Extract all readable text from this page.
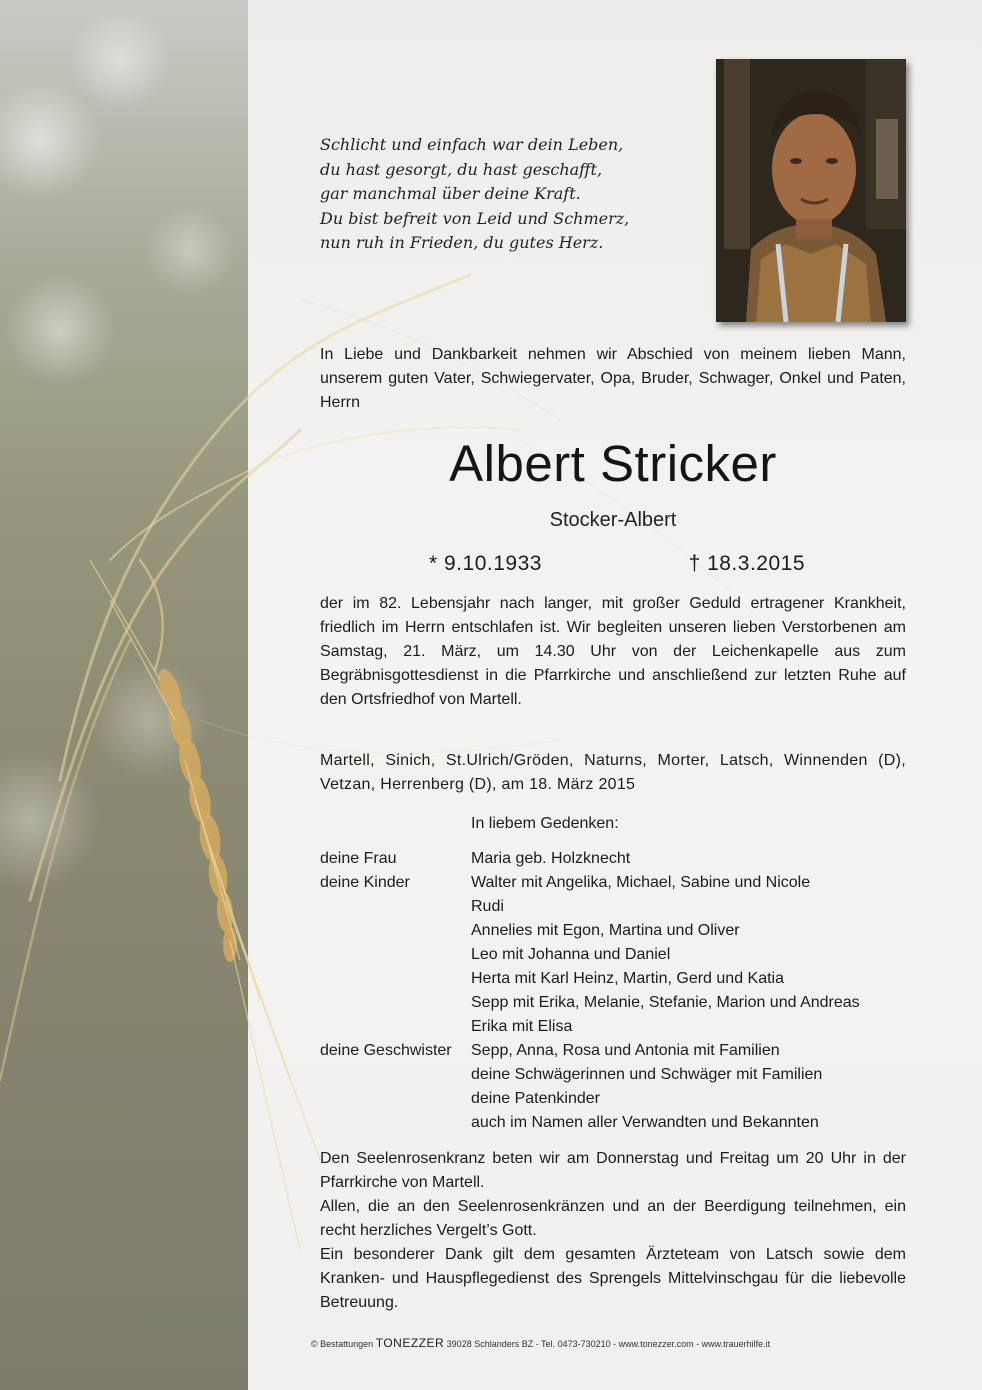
Schlicht und einfach war dein Leben,
du hast gesorgt, du hast geschafft,
gar manchmal über deine Kraft.
Du bist befreit von Leid und Schmerz,
nun ruh in Frieden, du gutes Herz.
In Liebe und Dankbarkeit nehmen wir Abschied von meinem lieben Mann, unserem guten Vater, Schwiegervater, Opa, Bruder, Schwager, Onkel und Paten, Herrn
Albert Stricker
Stocker-Albert
* 9.10.1933	† 18.3.2015
der im 82. Lebensjahr nach langer, mit großer Geduld ertragener Krankheit, friedlich im Herrn entschlafen ist. Wir begleiten unseren lieben Verstorbenen am Samstag, 21. März, um 14.30 Uhr von der Leichenkapelle aus zum Begräbnisgottesdienst in die Pfarrkirche und anschließend zur letzten Ruhe auf den Ortsfriedhof von Martell.
Martell, Sinich, St.Ulrich/Gröden, Naturns, Morter, Latsch, Winnenden (D), Vetzan, Herrenberg (D), am 18. März 2015
In liebem Gedenken:
deine Frau	Maria geb. Holzknecht
deine Kinder	Walter mit Angelika, Michael, Sabine und Nicole
Rudi
Annelies mit Egon, Martina und Oliver
Leo mit Johanna und Daniel
Herta mit Karl Heinz, Martin, Gerd und Katia
Sepp mit Erika, Melanie, Stefanie, Marion und Andreas
Erika mit Elisa
deine Geschwister Sepp, Anna, Rosa und Antonia mit Familien
deine Schwägerinnen und Schwäger mit Familien
deine Patenkinder
auch im Namen aller Verwandten und Bekannten

Den Seelenrosenkranz beten wir am Donnerstag und Freitag um 20 Uhr in der Pfarrkirche von Martell.

Allen, die an den Seelenrosenkränzen und an der Beerdigung teilnehmen, ein recht herzliches Vergelt’s Gott.

Ein besonderer Dank gilt dem gesamten Ärzteteam von Latsch sowie dem Kranken- und Hauspflegedienst des Sprengels Mittelvinschgau für die liebevolle Betreuung.

© Bestattungen TONEZZER 39028 Schlanders BZ - Tel. 0473-730210 - www.tonezzer.com - www.trauerhilfe.it
